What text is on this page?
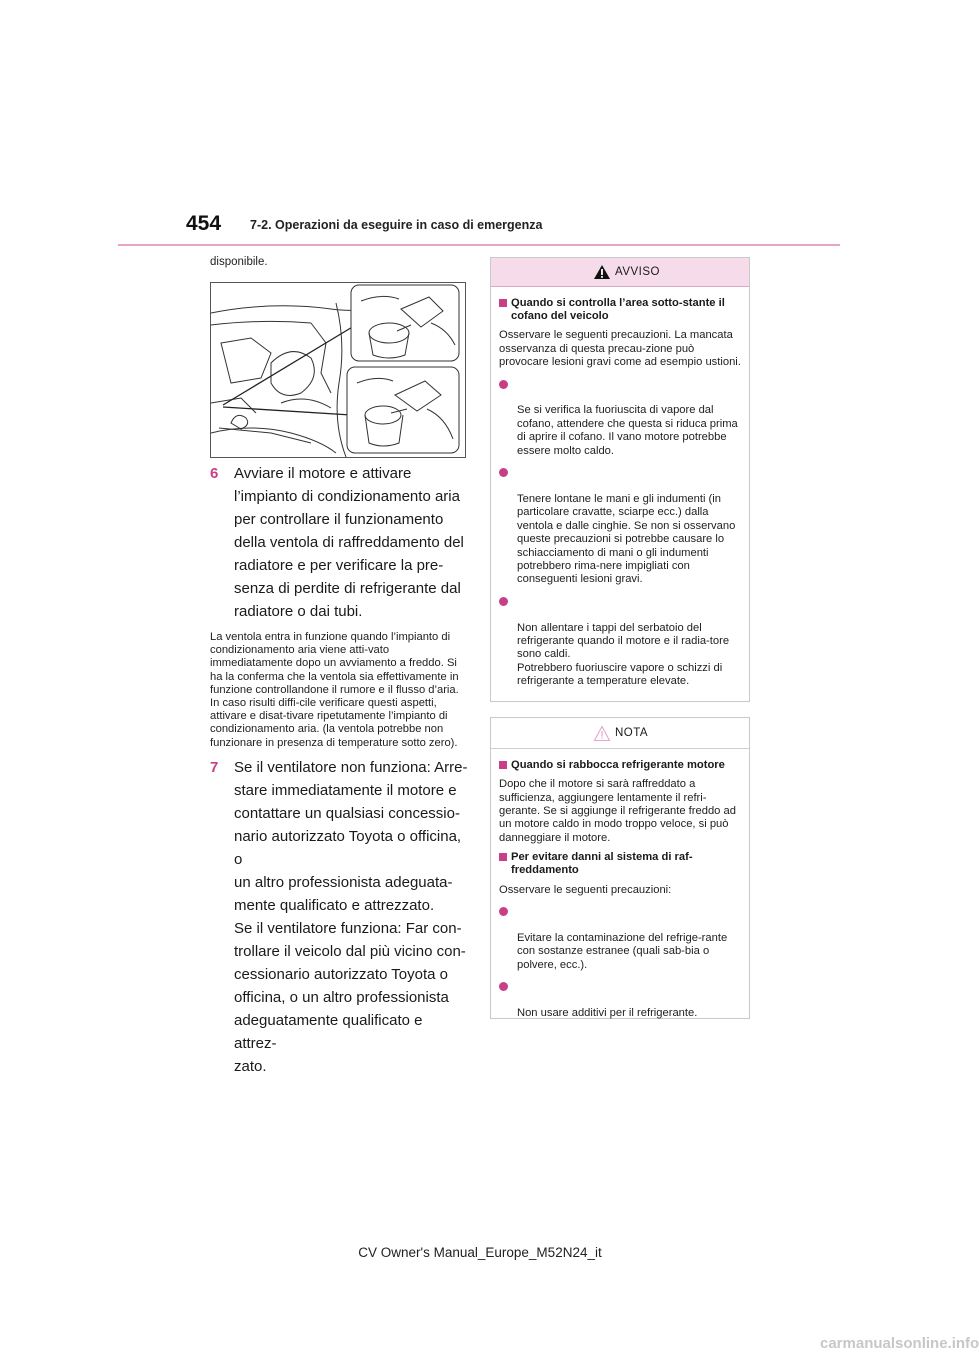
454 7-2. Operazioni da eseguire in caso di emergenza

disponibile.

6 Avviare il motore e attivare
l’impianto di condizionamento aria
per controllare il funzionamento
della ventola di raffreddamento del
radiatore e per verificare la pre-
senza di perdite di refrigerante dal
radiatore o dai tubi.

La ventola entra in funzione quando l’impianto di condizionamento aria viene atti-vato immediatamente dopo un avviamento a freddo. Si ha la conferma che la ventola sia effettivamente in funzione controllandone il rumore e il flusso d’aria. In caso risulti diffi-cile verificare questi aspetti, attivare e disat-tivare ripetutamente l’impianto di condizionamento aria. (la ventola potrebbe non funzionare in presenza di temperature sotto zero).

7 Se il ventilatore non funziona: Arre-
stare immediatamente il motore e
contattare un qualsiasi concessio-
nario autorizzato Toyota o officina, o
un altro professionista adeguata-
mente qualificato e attrezzato.
Se il ventilatore funziona: Far con-
trollare il veicolo dal più vicino con-
cessionario autorizzato Toyota o
officina, o un altro professionista
adeguatamente qualificato e attrez-
zato.
AVVISO
Quando si controlla l’area sotto-stante il cofano del veicolo

Osservare le seguenti precauzioni. La mancata osservanza di questa precau-zione può provocare lesioni gravi come ad esempio ustioni.

Se si verifica la fuoriuscita di vapore dal cofano, attendere che questa si riduca prima di aprire il cofano. Il vano motore potrebbe essere molto caldo.

Tenere lontane le mani e gli indumenti (in particolare cravatte, sciarpe ecc.) dalla ventola e dalle cinghie. Se non si osservano queste precauzioni si potrebbe causare lo schiacciamento di mani o gli indumenti potrebbero rima-nere impigliati con conseguenti lesioni gravi.

Non allentare i tappi del serbatoio del refrigerante quando il motore e il radia-tore sono caldi.
Potrebbero fuoriuscire vapore o schizzi di refrigerante a temperature elevate.

NOTA
Quando si rabbocca refrigerante motore

Dopo che il motore si sarà raffreddato a sufficienza, aggiungere lentamente il refri-gerante. Se si aggiunge il refrigerante freddo ad un motore caldo in modo troppo veloce, si può danneggiare il motore.

Per evitare danni al sistema di raf-freddamento

Osservare le seguenti precauzioni:

Evitare la contaminazione del refrige-rante con sostanze estranee (quali sab-bia o polvere, ecc.).

Non usare additivi per il refrigerante.

CV Owner's Manual_Europe_M52N24_it
carmanualsonline.info
